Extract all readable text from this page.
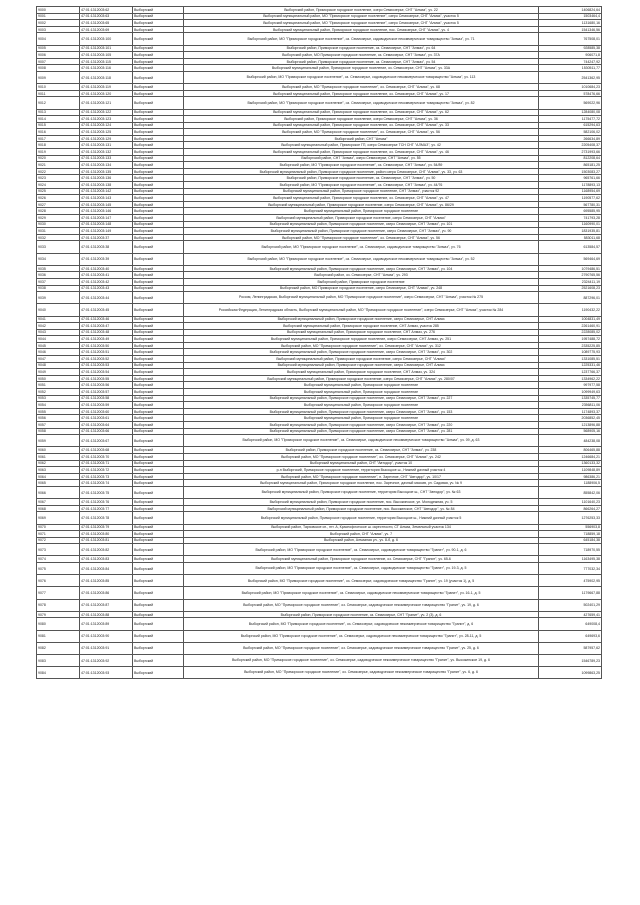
9000	47:01:1312003:62	Выборгский	Выборгский район, Приморское городское поселение, озеро Семиозерье, СНТ "Алмаз", уч. 22	1406824,64
9001	47:01:1312003:63	Выборгский	Выборгский муниципальный район, МО "Приморское городское поселение", озеро Семиозерье, СНТ "Алмаз", участок 5	1503464,4
9002	47:01:1312003:65	Выборгский	Выборгский муниципальный район, МО "Приморское городское поселение", озеро Семиозерье, СНТ "Алмаз", участок 5	1131680,16
9003	47:01:1312003:69	Выборгский	Выборгский муниципальный район, Приморское городское поселение, пос. Семиозерье, СНТ "Алмаз", уч. 4	1541346,56
9004	47:01:1312003:100	Выборгский	Выборгский район, МО "Приморское городское поселение", оз. Семиозерье, садоводческое некоммерческое товарищество "Алмаз", уч. 71	767508,01
9005	47:01:1312003:101	Выборгский	Выборгский район, Приморское городское поселение, оз. Семиозерье, СНТ "Алмаз", уч. 64	928585,38
9006	47:01:1312003:105	Выборгский	Выборгский район, МО Приморское городское поселение, оз. Семиозерье, СНТ "Алмаз", уч. 37А	906071,8
9007	47:01:1312003:115	Выборгский	Выборгский район, Приморское городское поселение, оз. Семиозерье, СНТ "Алмаз", уч. 54	744247,92
9008	47:01:1312003:116	Выборгский	Выборгский муниципальный район, Приморское городское поселение, оз. Семиозерье, СНТ "Алмаз", уч. 33А	1530511,77
9009	47:01:1312003:118	Выборгский	Выборгский район, МО "Приморское городское поселение", оз. Семиозерье, садоводческое некоммерческое товарищество "Алмаз", уч. 113	2541362,95
9010	47:01:1312003:119	Выборгский	Выборгский район, МО "Приморское городское поселение", оз. Семиозерье, СНТ "Алмаз", уч. 68	1010684,23
9011	47:01:1312003:120	Выборгский	Выборгский муниципальный район, Приморское городское поселение, оз. Семиозерье, СНТ "Алмаз", уч. 17	578476,66
9012	47:01:1312003:121	Выборгский	Выборгский район, МО "Приморское городское поселение", оз. Семиозерье, садоводческое некоммерческое товарищество "Алмаз", уч. 82	569022,96
9013	47:01:1312003:122	Выборгский	Выборгский муниципальный район, Приморское городское поселение, оз. Семиозерье, СНТ "Алмаз", уч. 62	1284080,08
9014	47:01:1312003:123	Выборгский	Выборгский район, Приморское городское поселение, озеро Семиозерье, СНТ "Алмаз", уч. 36	1175477,72
9015	47:01:1312003:124	Выборгский	Выборгский муниципальный район, Приморское городское поселение, оз. Семиозерье, СНТ "Алмаз", уч. 33	615294,63
9016	47:01:1312003:125	Выборгский	Выборгский район, МО "Приморское городское поселение", оз. Семиозерье, СНТ "Алмаз", уч. 56	582106,02
9017	47:01:1312003:129	Выборгский	Выборгский район, СНТ "Алмаз"	266634,89
9018	47:01:1312003:131	Выборгский	Выборгский муниципальный район, Приморское ГП, озеро Семиозерье ТСН СНТ "АЛМАЗ", уч. 42	2205408,37
9019	47:01:1312003:132	Выборгский	Выборгский муниципальный район, Приморское городское поселение, оз. Семиозерье, СНТ "Алмаз", уч. 46	2731993,66
9020	47:01:1312003:133	Выборгский	Выборгский район, СНТ "Алмаз", озеро Семиозерье, СНТ "Алмаз", уч. 55	812208,64
9021	47:01:1312003:134	Выборгский	Выборгский район, МО "Приморское городское поселение", оз. Семиозерье, СНТ "Алмаз", уч. 54/89	865181,25
9022	47:01:1312003:135	Выборгский	Выборгский муниципальный район, Приморское городское поселение, район озера Семиозерье, СНТ "Алмаз", уч. 33, уч. 63	1503083,27
9023	47:01:1312003:136	Выборгский	Выборгский район, Приморское городское поселение, оз. Семиозерье, СНТ "Алмаз", уч. 50	965761,66
9024	47:01:1312003:138	Выборгский	Выборгский район, МО "Приморское городское поселение", оз. Семиозерье, СНТ "Алмаз", уч. 44/76	1178893,13
9025	47:01:1312003:142	Выборгский	Выборгский муниципальный район, Приморское городское поселение, СНТ "Алмаз", участок 92	1168954,69
9026	47:01:1312003:143	Выборгский	Выборгский муниципальный район, Приморское городское поселение, оз. Семиозерье, СНТ "Алмаз", уч. 47	1190577,62
9027	47:01:1312003:145	Выборгский	Выборгский муниципальный район, Приморское городское поселение, озеро Семиозерье, СНТ "Алмаз", уч. 86/29	567780,31
9028	47:01:1312003:146	Выборгский	Выборгский муниципальный район, Приморское городское поселение	695585,95
9029	47:01:1312003:147	Выборгский	Выборгский муниципальный район, Приморское городское поселение, озеро Семиозерье, СНТ "Алмаз"	741793,28
9030	47:01:1312003:148	Выборгский	Выборгский муниципальный район, Приморское городское поселение, озеро Семиозерье, СНТ "Алмаз", уч. 101	1160990,01
9031	47:01:1312003:149	Выборгский	Выборгский муниципальный район, Приморское городское поселение, озеро Семиозерье, СНТ "Алмаз", уч. 90	1831935,81
9032	47:01:1312003:37	Выборгский	Выборгский район, МО "Приморское городское поселение", оз. Семиозерье, СНТ "Алмаз", уч. 56	583011,68
9033	47:01:1312003:38	Выборгский	Выборгский район, МО "Приморское городское поселение", оз. Семиозерье, садоводческое товарищество "Алмаз", уч. 76	613584,57
9034	47:01:1312003:39	Выборгский	Выборгский район, МО "Приморское городское поселение", оз. Семиозерье, садоводческое некоммерческое товарищество "Алмаз", уч. 52	569464,69
9035	47:01:1312003:40	Выборгский	Выборгский муниципальный район, Приморское городское поселение, озеро Семиозерье, СНТ "Алмаз", уч. 104	1079486,51
9036	47:01:1312003:41	Выборгский	Выборгский район, оз. Семиозерье, СНТ "Алмаз", уч. 293	2790765,56
9037	47:01:1312003:42	Выборгский	Выборгский район, Приморское городское поселение	2324411,19
9038	47:01:1312003:43	Выборгский	Выборгский район, МО Приморское городское поселение, озеро Семиозерье, СНТ "Алмаз", уч. 248	2521608,23
9039	47:01:1312003:44	Выборгский	Россия, Ленинградская, Выборгский муниципальный район, МО "Приморское городское поселение", озеро Семиозерье, СНТ "Алмаз", участок № 275	887296,01
9040	47:01:1312003:45	Выборгский	Российская Федерация, Ленинградская область, Выборгский муниципальный район, МО "Приморское городское поселение", озеро Семиозерье, СНТ "Алмаз", участок № 284	1190432,22
9041	47:01:1312003:46	Выборгский	Выборгский муниципальный район, Приморское городское поселение, озеро Семиозерье, СНТ Алмаз	1004831,49
9042	47:01:1312003:47	Выборгский	Выборгский муниципальный район, Приморское городское поселение, СНТ Алмаз, участок 285	2261460,91
9043	47:01:1312003:48	Выборгский	Выборгский муниципальный район, Приморское городское поселение, СНТ Алмаз, уч. 276	2228085,02
9044	47:01:1312003:49	Выборгский	Выборгский муниципальный район, Приморское городское поселение, озеро Семиозерье, СНТ Алмаз, уч. 251	1957488,72
9045	47:01:1312003:50	Выборгский	Выборгский район, МО "Приморское городское поселение", оз. Семиозерье, СНТ "Алмаз", уч. 312	2335225,85
9046	47:01:1312003:51	Выборгский	Выборгский муниципальный район, Приморское городское поселение, озеро Семиозерье, СНТ "Алмаз", уч. 302	1089775,93
9047	47:01:1312003:52	Выборгский	Выборгский муниципальный район, Приморское городское поселение, озеро Семиозерье, СНТ "Алмаз"	1331085,51
9048	47:01:1312003:53	Выборгский	Выборгский муниципальный район, Приморское городское поселение, озеро Семиозерье, СНТ Алмаз	1225331,46
9049	47:01:1312003:54	Выборгский	Выборгский муниципальный район, Приморское городское поселение, СНТ Алмаз, уч. 324	1237766,37
9050	47:01:1312003:55	Выборгский	Выборгский муниципальный район, Приморское городское поселение, озеро Семиозерье, СНТ "Алмаз", уч. 280/07	1334962,22
9051	47:01:1312003:56	Выборгский	Выборгский муниципальный район, Приморское городское поселение	997977,58
9052	47:01:1312003:57	Выборгский	Выборгский муниципальный район, Приморское городское поселение	1099949,63
9053	47:01:1312003:58	Выборгский	Выборгский муниципальный район, Приморское городское поселение, озеро Семиозерье, СНТ "Алмаз", уч. 227	1335745,77
9054	47:01:1312003:59	Выборгский	Выборгский муниципальный район, Приморское городское поселение	2356811,06
9055	47:01:1312003:60	Выборгский	Выборгский муниципальный район, Приморское городское поселение, озеро Семиозерье, СНТ "Алмаз", уч. 153	1174893,37
9056	47:01:1312003:61	Выборгский	Выборгский муниципальный район, Приморское городское поселение	2036852,45
9057	47:01:1312003:64	Выборгский	Выборгский муниципальный район, Приморское городское поселение, озеро Семиозерье, СНТ "Алмаз", уч. 220	1213896,88
9058	47:01:1312003:66	Выборгский	Выборгский муниципальный район, Приморское городское поселение, озеро Семиозерье, СНТ "Алмаз", уч. 281	568905,16
9059	47:01:1312003:67	Выборгский	Выборгский район, МО "Приморское городское поселение", оз. Семиозерье, садоводческое некоммерческое товарищество "Алмаз", уч. 09, д. 63	484238,08
9060	47:01:1312003:68	Выборгский	Выборгский район, Приморское городское поселение, оз. Семиозерье, СНТ "Алмаз", уч. 238	806465,88
9061	47:01:1312003:70	Выборгский	Выборгский район, МО "Приморское городское поселение", оз. Семиозерье, СНТ "Алмаз", уч. 242	1246684,21
9062	47:01:1312003:71	Выборгский	Выборгский муниципальный район, СНТ "Автодор", участок 10	1360133,32
9063	47:01:1312003:72	Выборгский	р-н Выборгский, Приморское городское поселение, территория Высоцкое ш., Нижний дачный участок 4	1109848,89
9064	47:01:1312003:73	Выборгский	Выборгский район, МО "Приморское городское поселение", п. Заречное, СНТ "Автодор", уч. 10/17	986386,21
9065	47:01:1312003:74	Выборгский	Выборгский муниципальный район, Приморское городское поселение, пос. Заречное, дачный массив, ул. Садовая, уч. № 9	1188906,5
9066	47:01:1312003:75	Выборгский	Выборгский муниципальный район, Приморское городское поселение, территория Высоцкое ш., СНТ "Автодор", уч. № 63	855842,06
9067	47:01:1312003:76	Выборгский	Выборгский муниципальный район, Приморское городское поселение, пос. Высокинское, ул. Молодежная, уч. 5	1101640,23
9068	47:01:1312003:77	Выборгский	Выборгский муниципальный район, Приморское городское поселение, пос. Высокинское, СНТ "Автодор", уч. № 84	866264,27
9069	47:01:1312003:78	Выборгский	Выборгский муниципальный район, Приморское городское поселение, территория Высоцкое ш., Нижний дачный участок 5	1276253,33
9070	47:01:1312003:79	Выборгский	Выборгский район, Тарховское сп., пгт. А, Краснофлотское ш. окрестности, СТ Алмаз, Земельный участок 134	556903,8
9071	47:01:1312003:80	Выборгский	Выборгский район, СНТ "Алмаз", уч. 7	718859,18
9072	47:01:1312003:81	Выборгский	Выборгский район, Алмазная ул., уч. 8-б, д. 6	645184,38
9073	47:01:1312003:82	Выборгский	Выборгский район, МО "Приморское городское поселение", оз. Семиозерье, садоводческое товарищество "Гранит", уч. 90-1, д. 6	718970,55
9074	47:01:1312003:83	Выборгский	Выборгский муниципальный район, Приморское городское поселение, оз. Семиозерье, СНТ "Гранит", уч. 65-6	1163495,38
9075	47:01:1312003:84	Выборгский	Выборгский район, МО "Приморское городское поселение", оз. Семиозерье, садоводческое товарищество "Гранит", уч. 19-3, д. 5	777032,34
9076	47:01:1312003:85	Выборгский	Выборгский район, МО "Приморское городское поселение", оз. Семиозерье, садоводческое товарищество "Гранит", уч. 19 (участок 1), д. 5	475902,95
9077	47:01:1312003:86	Выборгский	Выборгский район, МО "Приморское городское поселение", оз. Семиозерье, садоводческое некоммерческое товарищество "Гранит", уч. 16-1, д. 5	1179667,88
9078	47:01:1312003:87	Выборгский	Выборгский район, МО "Приморское городское поселение", оз. Семиозерье, садоводческое некоммерческое товарищество "Гранит", уч. 19, д. 6	502401,29
9079	47:01:1312003:88	Выборгский	Выборгский район, Приморское городское поселение, оз. Семиозерье, СНТ "Гранит", уч. 2 (3), д. 6	427659,41
9080	47:01:1312003:89	Выборгский	Выборгский район, МО "Приморское городское поселение", оз. Семиозерье, садоводческое некоммерческое товарищество "Гранит", д. 6	649008,4
9081	47:01:1312003:90	Выборгский	Выборгский район, МО "Приморское городское поселение", оз. Семиозерье, садоводческое некоммерческое товарищество "Гранит", уч. 28-11, д. 5	649693,6
9082	47:01:1312003:91	Выборгский	Выборгский район, МО "Приморское городское поселение", оз. Семиозерье, садоводческое некоммерческое товарищество "Гранит", уч. 25, д. 6	587957,62
9083	47:01:1312003:92	Выборгский	Выборгский район, МО "Приморское городское поселение", оз. Семиозерье, садоводческое некоммерческое товарищество "Гранит", уч. Высокинское 19, д. 6	1546789,23
9084	47:01:1312003:93	Выборгский	Выборгский район, МО "Приморское городское поселение", оз. Семиозерье, садоводческое некоммерческое товарищество "Гранит", уч. 6, д. 6	1099863,25
